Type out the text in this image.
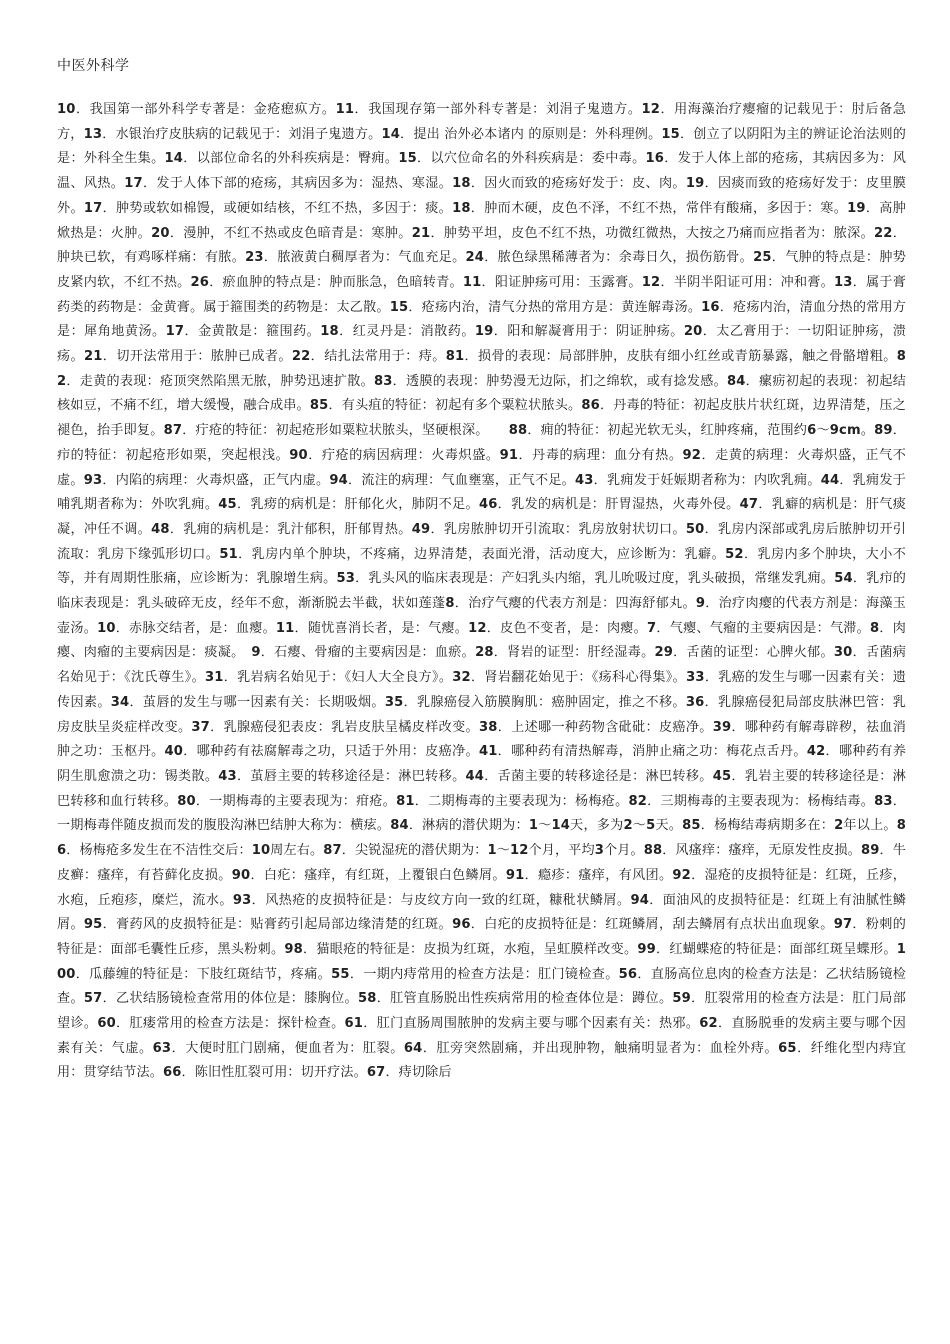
中医外科学
10．我国第一部外科学专著是：金疮瘛疭方。11．我国现存第一部外科专著是：刘涓子鬼遗方。12．用海藻治疗瘿瘤的记载见于：肘后备急方，13．水银治疗皮肤病的记载见于：刘涓子鬼遗方。14．提出 治外必本诸内 的原则是：外科理例。15．创立了以阴阳为主的辨证论治法则的是：外科全生集。14．以部位命名的外科疾病是：臀痈。15．以穴位命名的外科疾病是：委中毒。16．发于人体上部的疮疡，其病因多为：风温、风热。17．发于人体下部的疮疡，其病因多为：湿热、寒湿。18．因火而致的疮疡好发于：皮、肉。19．因痰而致的疮疡好发于：皮里膜外。17．肿势或软如棉馒，或硬如结核，不红不热，多因于：痰。18．肿而木硬，皮色不泽，不红不热，常伴有酸痛，多因于：寒。19．高肿焮热是：火肿。20．漫肿，不红不热或皮色暗青是：寒肿。21．肿势平坦，皮色不红不热，功微红微热，大按之乃痛而应指者为：脓深。22．肿块已软，有鸡啄样痛：有脓。23．脓液黄白稠厚者为：气血充足。24．脓色绿黑稀薄者为：余毒日久，损伤筋骨。25．气肿的特点是：肿势皮紧内软，不红不热。26．瘀血肿的特点是：肿而胀急，色暗转青。11．阳证肿疡可用：玉露膏。12．半阴半阳证可用：冲和膏。13．属于膏药类的药物是：金黄膏。属于箍围类的药物是：太乙散。15．疮疡内治，清气分热的常用方是：黄连解毒汤。16．疮疡内治，清血分热的常用方是：犀角地黄汤。17．金黄散是：箍围药。18．红灵丹是：消散药。19．阳和解凝膏用于：阴证肿疡。20．太乙膏用于：一切阳证肿疡，溃疡。21．切开法常用于：脓肿已成者。22．结扎法常用于：痔。81．损骨的表现：局部胖肿，皮肤有细小红丝或青筋暴露，触之骨骼增粗。82．走黄的表现：疮顶突然陷黑无脓，肿势迅速扩散。83．透膜的表现：肿势漫无边际，扪之绵软，或有捻发感。84．瘰疬初起的表现：初起结核如豆，不痛不红，增大缓慢，融合成串。85．有头疽的特征：初起有多个粟粒状脓头。86．丹毒的特征：初起皮肤片状红斑，边界清楚，压之褪色，抬手即复。87．疔疮的特征：初起疮形如粟粒状脓头，坚硬根深。　　88．痈的特征：初起光软无头，红肿疼痛，范围约6～9cm。89．疖的特征：初起疮形如栗，突起根浅。90．疔疮的病因病理：火毒炽盛。91．丹毒的病理：血分有热。92．走黄的病理：火毒炽盛，正气不虚。93．内陷的病理：火毒炽盛，正气内虚。94．流注的病理：气血壅塞，正气不足。43．乳痈发于妊娠期者称为：内吹乳痈。44．乳痈发于哺乳期者称为：外吹乳痈。45．乳痨的病机是：肝郁化火，肺阴不足。46．乳发的病机是：肝胃湿热，火毒外侵。47．乳癖的病机是：肝气痰凝，冲任不调。48．乳痈的病机是：乳汁郁积，肝郁胃热。49．乳房脓肿切开引流取：乳房放射状切口。50．乳房内深部或乳房后脓肿切开引流取：乳房下缘弧形切口。51．乳房内单个肿块，不疼痛，边界清楚，表面光滑，活动度大，应诊断为：乳癖。52．乳房内多个肿块，大小不等，并有周期性胀痛，应诊断为：乳腺增生病。53．乳头风的临床表现是：产妇乳头内缩，乳儿吮吸过度，乳头破损，常继发乳痈。54．乳疖的临床表现是：乳头破碎无皮，经年不愈，渐渐脱去半截，状如莲蓬8．治疗气瘿的代表方剂是：四海舒郁丸。9．治疗肉瘿的代表方剂是：海藻玉壶汤。10．赤脉交结者，是：血瘿。11．随忧喜消长者，是：气瘿。12．皮色不变者，是：肉瘿。7．气瘿、气瘤的主要病因是：气滞。8．肉瘿、肉瘤的主要病因是：痰凝。　9．石瘿、骨瘤的主要病因是：血瘀。28．肾岩的证型：肝经湿毒。29．舌菌的证型：心脾火郁。30．舌菌病名始见于：《沈氏尊生》。31．乳岩病名始见于：《妇人大全良方》。32．肾岩翻花始见于：《疡科心得集》。33．乳癌的发生与哪一因素有关：遗传因素。34．茧唇的发生与哪一因素有关：长期吸烟。35．乳腺癌侵入筋膜胸肌：癌肿固定，推之不移。36．乳腺癌侵犯局部皮肤淋巴管：乳房皮肤呈炎症样改变。37．乳腺癌侵犯表皮：乳岩皮肤呈橘皮样改变。38．上述哪一种药物含砒砒：皮癌净。39．哪种药有解毒辟秽，祛血消肿之功：玉枢丹。40．哪种药有祛腐解毒之功，只适于外用：皮癌净。41．哪种药有清热解毒，消肿止痛之功：梅花点舌丹。42．哪种药有养阴生肌愈溃之功：锡类散。43．茧唇主要的转移途径是：淋巴转移。44．舌菌主要的转移途径是：淋巴转移。45．乳岩主要的转移途径是：淋巴转移和血行转移。80．一期梅毒的主要表现为：疳疮。81．二期梅毒的主要表现为：杨梅疮。82．三期梅毒的主要表现为：杨梅结毒。83．一期梅毒伴随皮损而发的腹股沟淋巴结肿大称为：横痃。84．淋病的潜伏期为：1～14天，多为2～5天。85．杨梅结毒病期多在：2年以上。86．杨梅疮多发生在不洁性交后：10周左右。87．尖锐湿疣的潜伏期为：1～12个月，平均3个月。88．风瘙痒：瘙痒，无原发性皮损。89．牛皮癣：瘙痒，有苔藓化皮损。90．白疕：瘙痒，有红斑，上覆银白色鳞屑。91．瘾疹：瘙痒，有风团。92．湿疮的皮损特征是：红斑，丘疹，水疱，丘疱疹，糜烂，流水。93．风热疮的皮损特征是：与皮纹方向一致的红斑，糠秕状鳞屑。94．面油风的皮损特征是：红斑上有油腻性鳞屑。95．膏药风的皮损特征是：贴膏药引起局部边缘清楚的红斑。96．白疕的皮损特征是：红斑鳞屑，刮去鳞屑有点状出血现象。97．粉刺的特征是：面部毛囊性丘疹，黑头粉刺。98．猫眼疮的特征是：皮损为红斑，水疱，呈虹膜样改变。99．红蝴蝶疮的特征是：面部红斑呈蝶形。100．瓜藤缠的特征是：下肢红斑结节，疼痛。55．一期内痔常用的检查方法是：肛门镜检查。56．直肠高位息肉的检查方法是：乙状结肠镜检查。57．乙状结肠镜检查常用的体位是：膝胸位。58．肛管直肠脱出性疾病常用的检查体位是：蹲位。59．肛裂常用的检查方法是：肛门局部望诊。60．肛瘘常用的检查方法是：探针检查。61．肛门直肠周围脓肿的发病主要与哪个因素有关：热邪。62．直肠脱垂的发病主要与哪个因素有关：气虚。63．大便时肛门剧痛，便血者为：肛裂。64．肛旁突然剧痛，并出现肿物，触痛明显者为：血栓外痔。65．纤维化型内痔宜用：贯穿结节法。66．陈旧性肛裂可用：切开疗法。67．痔切除后
